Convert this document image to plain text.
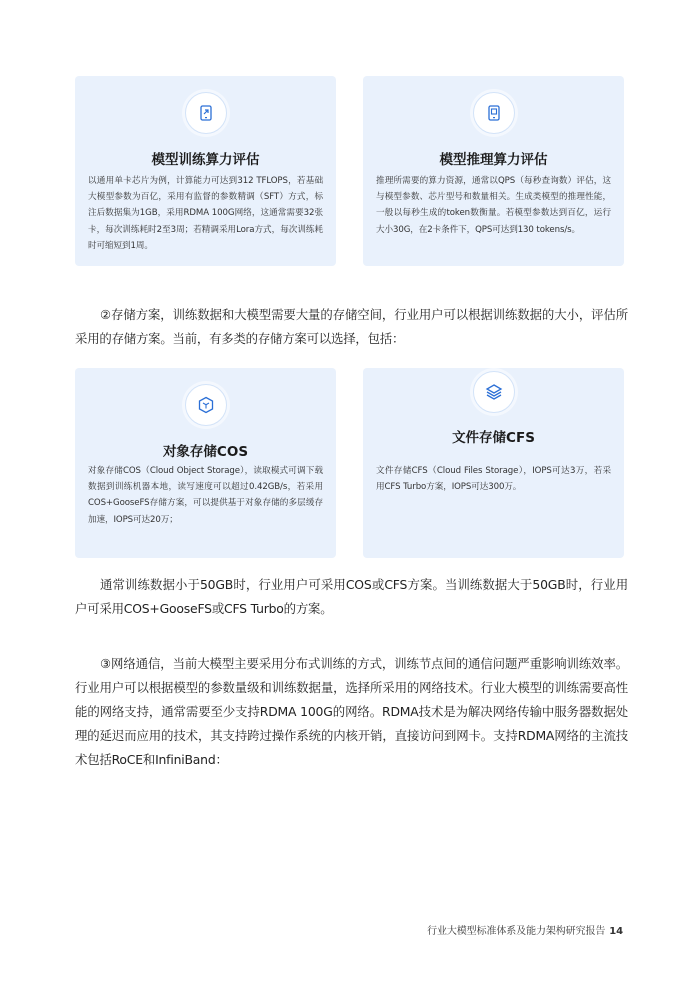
模型训练算力评估

以通用单卡芯片为例，计算能力可达到312 TFLOPS，若基础大模型参数为百亿，采用有监督的参数精调（SFT）方式，标注后数据集为1GB，采用RDMA 100G网络，这通常需要32张卡，每次训练耗时2至3周；若精调采用Lora方式，每次训练耗时可缩短到1周。

模型推理算力评估

推理所需要的算力资源，通常以QPS（每秒查询数）评估，这与模型参数、芯片型号和数量相关。生成类模型的推理性能，一般以每秒生成的token数衡量。若模型参数达到百亿，运行大小30G，在2卡条件下，QPS可达到130 tokens/s。

②存储方案，训练数据和大模型需要大量的存储空间，行业用户可以根据训练数据的大小，评估所采用的存储方案。当前，有多类的存储方案可以选择，包括：

对象存储COS

对象存储COS（Cloud Object Storage），读取模式可调下载数据到训练机器本地，读写速度可以超过0.42GB/s，若采用COS+GooseFS存储方案，可以提供基于对象存储的多层缓存加速，IOPS可达20万；

文件存储CFS

文件存储CFS（Cloud Files Storage），IOPS可达3万，若采用CFS Turbo方案，IOPS可达300万。

通常训练数据小于50GB时，行业用户可采用COS或CFS方案。当训练数据大于50GB时，行业用户可采用COS+GooseFS或CFS Turbo的方案。

③网络通信，当前大模型主要采用分布式训练的方式，训练节点间的通信问题严重影响训练效率。行业用户可以根据模型的参数量级和训练数据量，选择所采用的网络技术。行业大模型的训练需要高性能的网络支持，通常需要至少支持RDMA 100G的网络。RDMA技术是为解决网络传输中服务器数据处理的延迟而应用的技术，其支持跨过操作系统的内核开销，直接访问到网卡。支持RDMA网络的主流技术包括RoCE和InfiniBand：

行业大模型标准体系及能力架构研究报告 14
